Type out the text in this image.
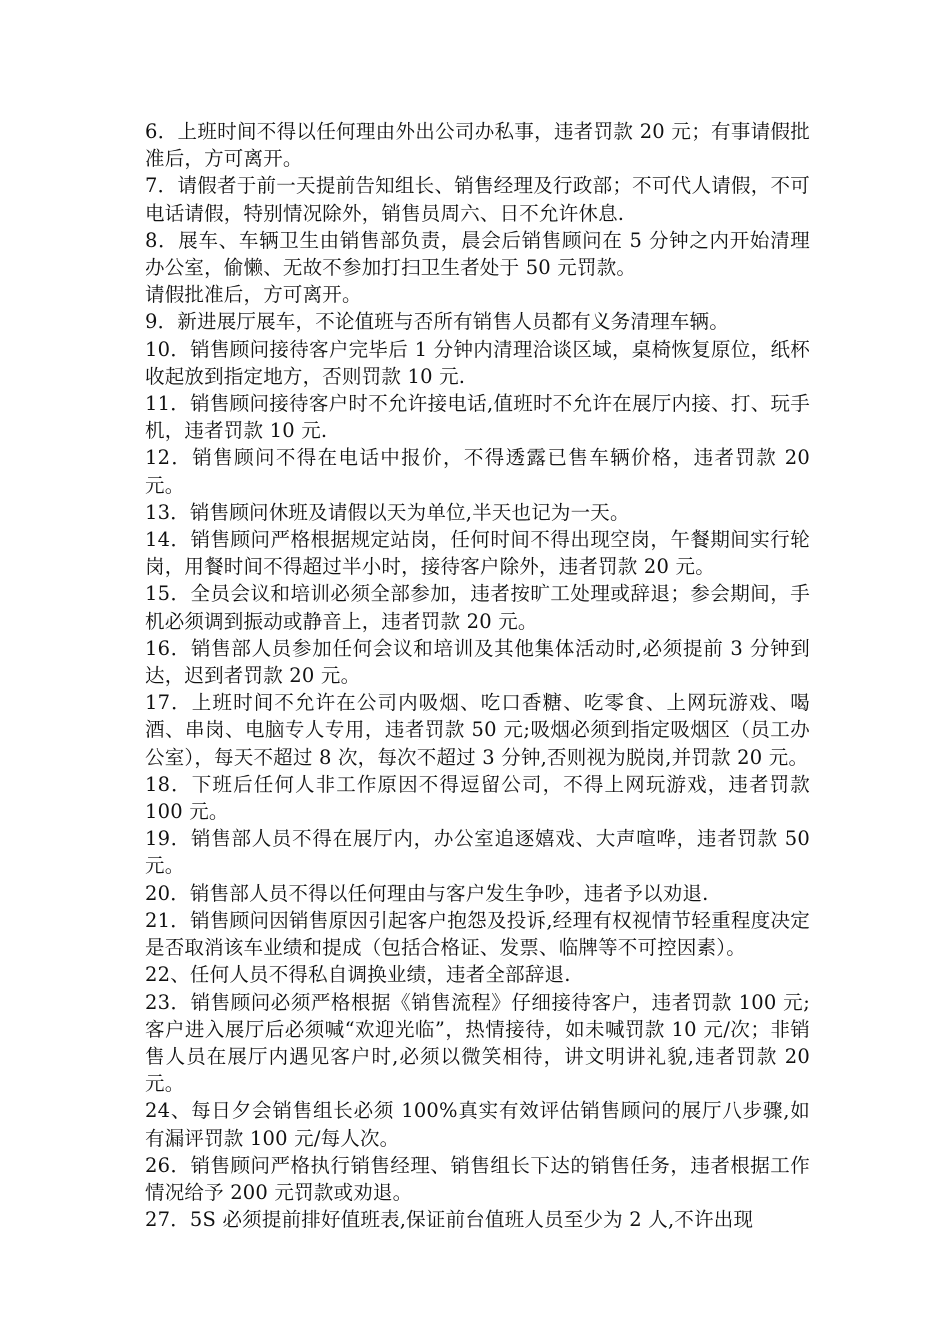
6．上班时间不得以任何理由外出公司办私事，违者罚款 20 元；有事请假批准后，方可离开。

7．请假者于前一天提前告知组长、销售经理及行政部；不可代人请假，不可电话请假，特别情况除外，销售员周六、日不允许休息.

8．展车、车辆卫生由销售部负责，晨会后销售顾问在 5 分钟之内开始清理办公室，偷懒、无故不参加打扫卫生者处于 50 元罚款。

请假批准后，方可离开。

9．新进展厅展车，不论值班与否所有销售人员都有义务清理车辆。

10．销售顾问接待客户完毕后 1 分钟内清理洽谈区域，桌椅恢复原位，纸杯收起放到指定地方，否则罚款 10 元.

11．销售顾问接待客户时不允许接电话,值班时不允许在展厅内接、打、玩手机，违者罚款 10 元.

12．销售顾问不得在电话中报价，不得透露已售车辆价格，违者罚款 20 元。

13．销售顾问休班及请假以天为单位,半天也记为一天。

14．销售顾问严格根据规定站岗，任何时间不得出现空岗，午餐期间实行轮岗，用餐时间不得超过半小时，接待客户除外，违者罚款 20 元。

15．全员会议和培训必须全部参加，违者按旷工处理或辞退；参会期间，手机必须调到振动或静音上，违者罚款 20 元。

16．销售部人员参加任何会议和培训及其他集体活动时,必须提前 3 分钟到达，迟到者罚款 20 元。

17．上班时间不允许在公司内吸烟、吃口香糖、吃零食、上网玩游戏、喝酒、串岗、电脑专人专用，违者罚款 50 元;吸烟必须到指定吸烟区（员工办公室），每天不超过 8 次，每次不超过 3 分钟,否则视为脱岗,并罚款 20 元。

18．下班后任何人非工作原因不得逗留公司，不得上网玩游戏，违者罚款 100 元。

19．销售部人员不得在展厅内，办公室追逐嬉戏、大声喧哗，违者罚款 50 元。

20．销售部人员不得以任何理由与客户发生争吵，违者予以劝退.

21．销售顾问因销售原因引起客户抱怨及投诉,经理有权视情节轻重程度决定是否取消该车业绩和提成（包括合格证、发票、临牌等不可控因素）。

22、任何人员不得私自调换业绩，违者全部辞退.

23．销售顾问必须严格根据《销售流程》仔细接待客户，违者罚款 100 元;客户进入展厅后必须喊“欢迎光临”，热情接待，如未喊罚款 10 元/次；非销售人员在展厅内遇见客户时,必须以微笑相待，讲文明讲礼貌,违者罚款 20 元。

24、每日夕会销售组长必须 100%真实有效评估销售顾问的展厅八步骤,如有漏评罚款 100 元/每人次。

26．销售顾问严格执行销售经理、销售组长下达的销售任务，违者根据工作情况给予 200 元罚款或劝退。

27．5S 必须提前排好值班表,保证前台值班人员至少为 2 人,不许出现
